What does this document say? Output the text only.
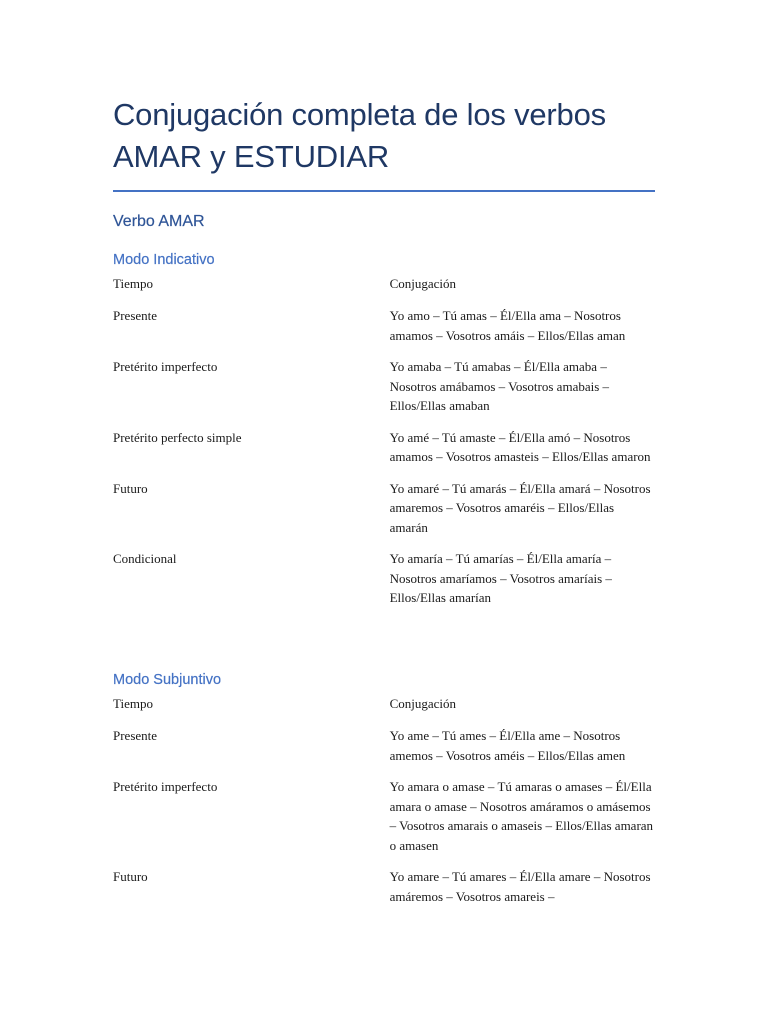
Conjugación completa de los verbos AMAR y ESTUDIAR
Verbo AMAR
Modo Indicativo
Tiempo	Conjugación
Presente	Yo amo – Tú amas – Él/Ella ama – Nosotros amamos – Vosotros amáis – Ellos/Ellas aman
Pretérito imperfecto	Yo amaba – Tú amabas – Él/Ella amaba – Nosotros amábamos – Vosotros amabais – Ellos/Ellas amaban
Pretérito perfecto simple	Yo amé – Tú amaste – Él/Ella amó – Nosotros amamos – Vosotros amasteis – Ellos/Ellas amaron
Futuro	Yo amaré – Tú amarás – Él/Ella amará – Nosotros amaremos – Vosotros amaréis – Ellos/Ellas amarán
Condicional	Yo amaría – Tú amarías – Él/Ella amaría – Nosotros amaríamos – Vosotros amaríais – Ellos/Ellas amarían
Modo Subjuntivo
Tiempo	Conjugación
Presente	Yo ame – Tú ames – Él/Ella ame – Nosotros amemos – Vosotros améis – Ellos/Ellas amen
Pretérito imperfecto	Yo amara o amase – Tú amaras o amases – Él/Ella amara o amase – Nosotros amáramos o amásemos – Vosotros amarais o amaseis – Ellos/Ellas amaran o amasen
Futuro	Yo amare – Tú amares – Él/Ella amare – Nosotros amáremos – Vosotros amareis –
